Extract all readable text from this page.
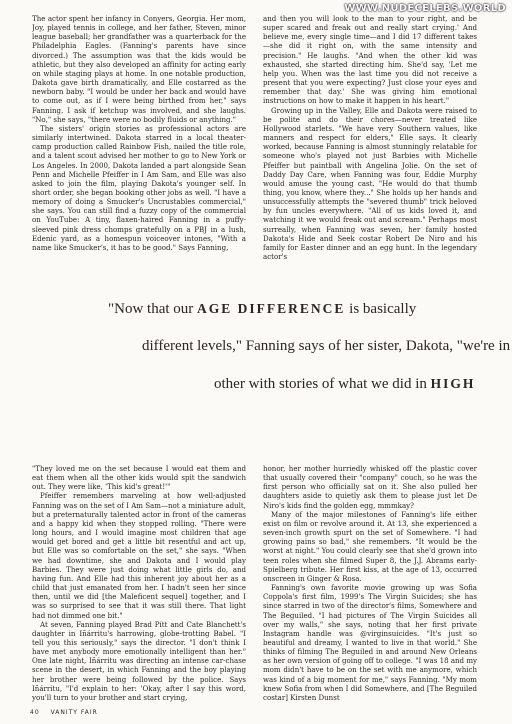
WWW.NUDECELEBS.WORLD

The actor spent her infancy in Conyers, Georgia. Her mom, Joy, played tennis in college, and her father, Steven, minor league baseball; her grandfather was a quarterback for the Philadelphia Eagles. (Fanning's parents have since divorced.) The assumption was that the kids would be athletic, but they also developed an affinity for acting early on while staging plays at home. In one notable production, Dakota gave birth dramatically, and Elle costarred as the newborn baby. "I would be under her back and would have to come out, as if I were being birthed from her," says Fanning. I ask if ketchup was involved, and she laughs. "No," she says, "there were no bodily fluids or anything."

The sisters' origin stories as professional actors are similarly intertwined. Dakota starred in a local theater-camp production called Rainbow Fish, nailed the title role, and a talent scout advised her mother to go to New York or Los Angeles. In 2000, Dakota landed a part alongside Sean Penn and Michelle Pfeiffer in I Am Sam, and Elle was also asked to join the film, playing Dakota's younger self. In short order, she began booking other jobs as well. "I have a memory of doing a Smucker's Uncrustables commercial," she says. You can still find a fuzzy copy of the commercial on YouTube: A tiny, flaxen-haired Fanning in a puffy-sleeved pink dress chomps gratefully on a PBJ in a lush, Edenic yard, as a homespun voiceover intones, "With a name like Smucker's, it has to be good." Says Fanning,

and then you will look to the man to your right, and be super scared and freak out and really start crying.' And believe me, every single time—and I did 17 different takes—she did it right on, with the same intensity and precision." He laughs. "And when the other kid was exhausted, she started directing him. She'd say, 'Let me help you. When was the last time you did not receive a present that you were expecting? Just close your eyes and remember that day.' She was giving him emotional instructions on how to make it happen in his heart."

Growing up in the Valley, Elle and Dakota were raised to be polite and do their chores—never treated like Hollywood starlets. "We have very Southern values, like manners and respect for elders," Elle says. It clearly worked, because Fanning is almost stunningly relatable for someone who's played not just Barbies with Michelle Pfeiffer but paintball with Angelina Jolie. On the set of Daddy Day Care, when Fanning was four, Eddie Murphy would amuse the young cast. "He would do that thumb thing, you know, where they..." She holds up her hands and unsuccessfully attempts the "severed thumb" trick beloved by fun uncles everywhere. "All of us kids loved it, and watching it we would freak out and scream." Perhaps most surreally, when Fanning was seven, her family hosted Dakota's Hide and Seek costar Robert De Niro and his family for Easter dinner and an egg hunt. In the legendary actor's

"Now that our AGE DIFFERENCE is basically
different levels," Fanning says of her sister, Dakota, "we're in
other with stories of what we did in HIGH

"They loved me on the set because I would eat them and eat them when all the other kids would spit the sandwich out. They were like, 'This kid's great!'"

Pfeiffer remembers marveling at how well-adjusted Fanning was on the set of I Am Sam—not a miniature adult, but a preternaturally talented actor in front of the cameras and a happy kid when they stopped rolling. "There were long hours, and I would imagine most children that age would get bored and get a little bit resentful and act up, but Elle was so comfortable on the set," she says. "When we had downtime, she and Dakota and I would play Barbies. They were just doing what little girls do, and having fun. And Elle had this inherent joy about her as a child that just emanated from her. I hadn't seen her since then, until we did [the Maleficent sequel] together, and I was so surprised to see that it was still there. That light had not dimmed one bit."

At seven, Fanning played Brad Pitt and Cate Blanchett's daughter in Iñárritu's harrowing, globe-trotting Babel. "I tell you this seriously," says the director. "I don't think I have met anybody more emotionally intelligent than her." One late night, Iñárritu was directing an intense car-chase scene in the desert, in which Fanning and the boy playing her brother were being followed by the police. Says Iñárritu, "I'd explain to her: 'Okay, after I say this word, you'll turn to your brother and start crying,

honor, her mother hurriedly whisked off the plastic cover that usually covered their "company" couch, so he was the first person who officially sat on it. She also pulled her daughters aside to quietly ask them to please just let De Niro's kids find the golden egg, mmmkay?

Many of the major milestones of Fanning's life either exist on film or revolve around it. At 13, she experienced a seven-inch growth spurt on the set of Somewhere. "I had growing pains so bad," she remembers. "It would be the worst at night." You could clearly see that she'd grown into teen roles when she filmed Super 8, the J.J. Abrams early-Spielberg tribute. Her first kiss, at the age of 13, occurred onscreen in Ginger & Rosa.

Fanning's own favorite movie growing up was Sofia Coppola's first film, 1999's The Virgin Suicides; she has since starred in two of the director's films, Somewhere and The Beguiled. "I had pictures of The Virgin Suicides all over my walls," she says, noting that her first private Instagram handle was @virginsuicides. "It's just so beautiful and dreamy, I wanted to live in that world." She thinks of filming The Beguiled in and around New Orleans as her own version of going off to college. "I was 18 and my mom didn't have to be on the set with me anymore, which was kind of a big moment for me," says Fanning. "My mom knew Sofia from when I did Somewhere, and [The Beguiled costar] Kirsten Dunst

40 VANITY FAIR
